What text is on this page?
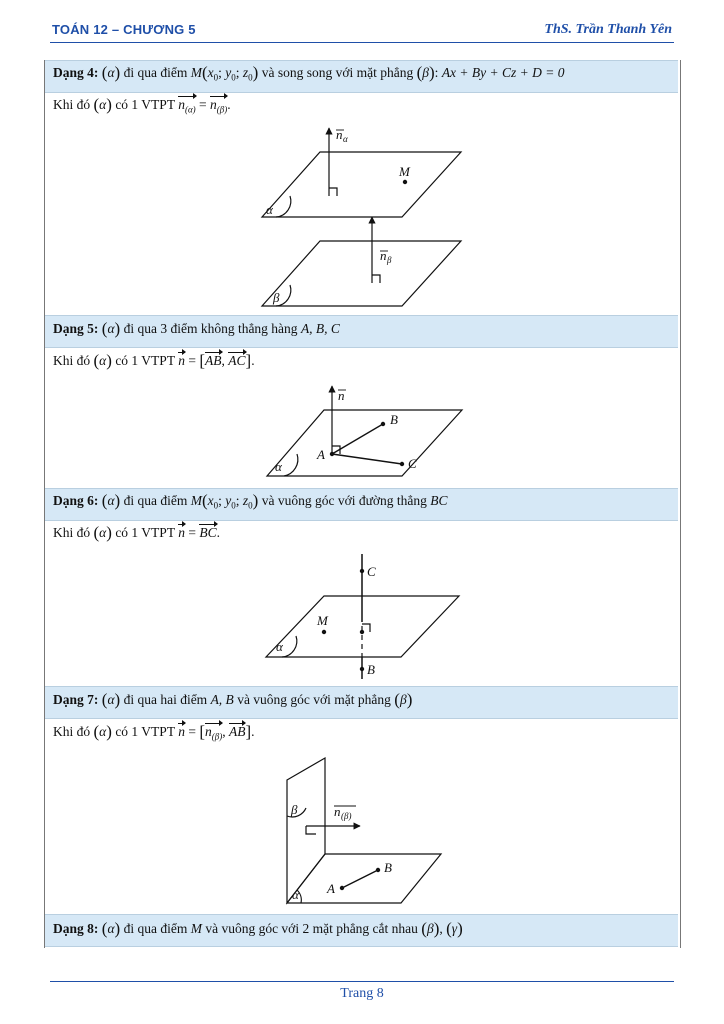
TOÁN 12 – CHƯƠNG 5	ThS. Trần Thanh Yên
Dạng 4: (α) đi qua điểm $M(x_0$; $y_0$; $z_0$) và song song với mặt phẳng (β): Ax + By + Cz + D = 0
Khi đó (α) có 1 VTPT $n_{(\alpha)} = n_{(\beta)}$.
Dạng 5: (α) đi qua 3 điểm không thẳng hàng A, B, C
Khi đó (α) có 1 VTPT n = [AB, AC].
Dạng 6: (α) đi qua điểm $M(x_0$; $y_0$; $z_0$) và vuông góc với đường thẳng BC
Khi đó (α) có 1 VTPT n = BC.
Dạng 7: (α) đi qua hai điểm A, B và vuông góc với mặt phẳng (β)
Khi đó (α) có 1 VTPT $n = [n_{(\beta)}$, AB].
Dạng 8: (α) đi qua điểm M và vuông góc với 2 mặt phẳng cắt nhau (β), (γ)
n α
n β
M
α
β
n
A
B
C
α
C
B
M
α
n (β)
A
B
α
β
Trang 8
